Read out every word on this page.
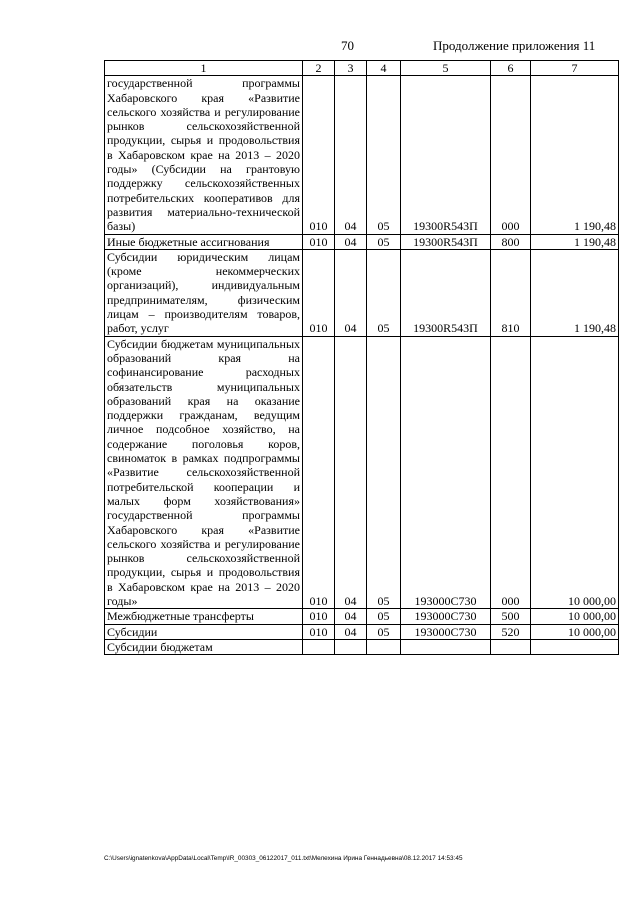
70	Продолжение приложения 11
1	2	3	4	5	6	7
государственной программы Хабаровского края «Развитие сельского хозяйства и регулирование рынков сельскохозяйственной продукции, сырья и продовольствия в Хабаровском крае на 2013 – 2020 годы» (Субсидии на грантовую поддержку сельскохозяйственных потребительских кооперативов для развития материально-технической базы)	010	04	05	19300R543П	000	1 190,48
Иные бюджетные ассигнования	010	04	05	19300R543П	800	1 190,48
Субсидии юридическим лицам (кроме некоммерческих организаций), индивидуальным предпринимателям, физическим лицам – производителям товаров, работ, услуг	010	04	05	19300R543П	810	1 190,48
Субсидии бюджетам муниципальных образований края на софинансирование расходных обязательств муниципальных образований края на оказание поддержки гражданам, ведущим личное подсобное хозяйство, на содержание поголовья коров, свиноматок в рамках подпрограммы «Развитие сельскохозяйственной потребительской кооперации и малых форм хозяйствования» государственной программы Хабаровского края «Развитие сельского хозяйства и регулирование рынков сельскохозяйственной продукции, сырья и продовольствия в Хабаровском крае на 2013 – 2020 годы»	010	04	05	193000С730	000	10 000,00
Межбюджетные трансферты	010	04	05	193000С730	500	10 000,00
Субсидии	010	04	05	193000С730	520	10 000,00
Субсидии бюджетам						
C:\Users\ignatenkova\AppData\Local\Temp\IR_00303_06122017_011.txt\Мелехина Ирина Геннадьевна\08.12.2017 14:53:45
